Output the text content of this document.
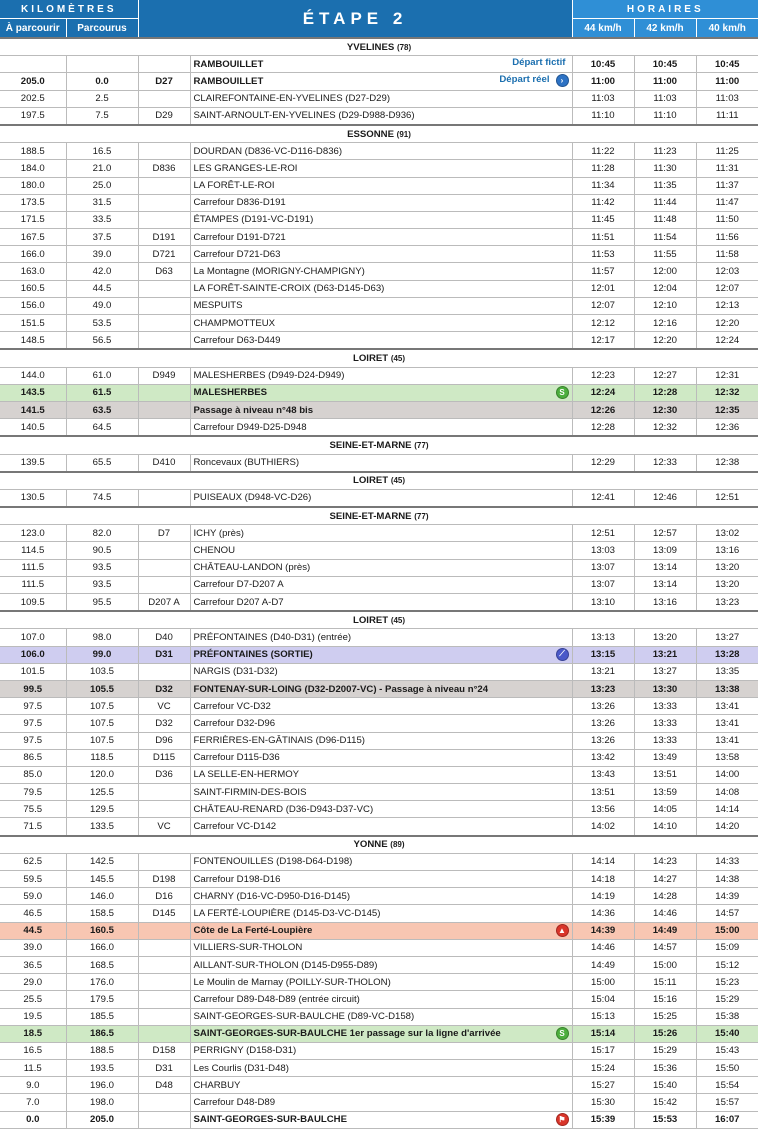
KILOMÈTRES		ÉTAPE 2		HORAIRES		
À parcourir	Parcourus			44 km/h	42 km/h	40 km/h
YVELINES (78)						
			RAMBOUILLET Départ fictif	10:45	10:45	10:45
205.0	0.0	D27	RAMBOUILLET Départ réel ›	11:00	11:00	11:00
202.5	2.5		CLAIREFONTAINE-EN-YVELINES (D27-D29)	11:03	11:03	11:03
197.5	7.5	D29	SAINT-ARNOULT-EN-YVELINES (D29-D988-D936)	11:10	11:10	11:11
ESSONNE (91)						
188.5	16.5		DOURDAN (D836-VC-D116-D836)	11:22	11:23	11:25
184.0	21.0	D836	LES GRANGES-LE-ROI	11:28	11:30	11:31
180.0	25.0		LA FORÊT-LE-ROI	11:34	11:35	11:37
173.5	31.5		Carrefour D836-D191	11:42	11:44	11:47
171.5	33.5		ÉTAMPES (D191-VC-D191)	11:45	11:48	11:50
167.5	37.5	D191	Carrefour D191-D721	11:51	11:54	11:56
166.0	39.0	D721	Carrefour D721-D63	11:53	11:55	11:58
163.0	42.0	D63	La Montagne (MORIGNY-CHAMPIGNY)	11:57	12:00	12:03
160.5	44.5		LA FORÊT-SAINTE-CROIX (D63-D145-D63)	12:01	12:04	12:07
156.0	49.0		MESPUITS	12:07	12:10	12:13
151.5	53.5		CHAMPMOTTEUX	12:12	12:16	12:20
148.5	56.5		Carrefour D63-D449	12:17	12:20	12:24
LOIRET (45)						
144.0	61.0	D949	MALESHERBES (D949-D24-D949)	12:23	12:27	12:31
143.5	61.5		MALESHERBES S	12:24	12:28	12:32
141.5	63.5		Passage à niveau n°48 bis	12:26	12:30	12:35
140.5	64.5		Carrefour D949-D25-D948	12:28	12:32	12:36
SEINE-ET-MARNE (77)						
139.5	65.5	D410	Roncevaux (BUTHIERS)	12:29	12:33	12:38
LOIRET (45)						
130.5	74.5		PUISEAUX (D948-VC-D26)	12:41	12:46	12:51
SEINE-ET-MARNE (77)						
123.0	82.0	D7	ICHY (près)	12:51	12:57	13:02
114.5	90.5		CHENOU	13:03	13:09	13:16
111.5	93.5		CHÂTEAU-LANDON (près)	13:07	13:14	13:20
111.5	93.5		Carrefour D7-D207 A	13:07	13:14	13:20
109.5	95.5	D207 A	Carrefour D207 A-D7	13:10	13:16	13:23
LOIRET (45)						
107.0	98.0	D40	PRÉFONTAINES (D40-D31) (entrée)	13:13	13:20	13:27
106.0	99.0	D31	PRÉFONTAINES (SORTIE) ⟋	13:15	13:21	13:28
101.5	103.5		NARGIS (D31-D32)	13:21	13:27	13:35
99.5	105.5	D32	FONTENAY-SUR-LOING (D32-D2007-VC) - Passage à niveau n°24	13:23	13:30	13:38
97.5	107.5	VC	Carrefour VC-D32	13:26	13:33	13:41
97.5	107.5	D32	Carrefour D32-D96	13:26	13:33	13:41
97.5	107.5	D96	FERRIÈRES-EN-GÂTINAIS (D96-D115)	13:26	13:33	13:41
86.5	118.5	D115	Carrefour D115-D36	13:42	13:49	13:58
85.0	120.0	D36	LA SELLE-EN-HERMOY	13:43	13:51	14:00
79.5	125.5		SAINT-FIRMIN-DES-BOIS	13:51	13:59	14:08
75.5	129.5		CHÂTEAU-RENARD (D36-D943-D37-VC)	13:56	14:05	14:14
71.5	133.5	VC	Carrefour VC-D142	14:02	14:10	14:20
YONNE (89)						
62.5	142.5		FONTENOUILLES (D198-D64-D198)	14:14	14:23	14:33
59.5	145.5	D198	Carrefour D198-D16	14:18	14:27	14:38
59.0	146.0	D16	CHARNY (D16-VC-D950-D16-D145)	14:19	14:28	14:39
46.5	158.5	D145	LA FERTÉ-LOUPIÈRE (D145-D3-VC-D145)	14:36	14:46	14:57
44.5	160.5		Côte de La Ferté-Loupière ▲	14:39	14:49	15:00
39.0	166.0		VILLIERS-SUR-THOLON	14:46	14:57	15:09
36.5	168.5		AILLANT-SUR-THOLON (D145-D955-D89)	14:49	15:00	15:12
29.0	176.0		Le Moulin de Marnay (POILLY-SUR-THOLON)	15:00	15:11	15:23
25.5	179.5		Carrefour D89-D48-D89 (entrée circuit)	15:04	15:16	15:29
19.5	185.5		SAINT-GEORGES-SUR-BAULCHE (D89-VC-D158)	15:13	15:25	15:38
18.5	186.5		SAINT-GEORGES-SUR-BAULCHE 1er passage sur la ligne d'arrivée S	15:14	15:26	15:40
16.5	188.5	D158	PERRIGNY (D158-D31)	15:17	15:29	15:43
11.5	193.5	D31	Les Courlis (D31-D48)	15:24	15:36	15:50
9.0	196.0	D48	CHARBUY	15:27	15:40	15:54
7.0	198.0		Carrefour D48-D89	15:30	15:42	15:57
0.0	205.0		SAINT-GEORGES-SUR-BAULCHE ⚑	15:39	15:53	16:07
